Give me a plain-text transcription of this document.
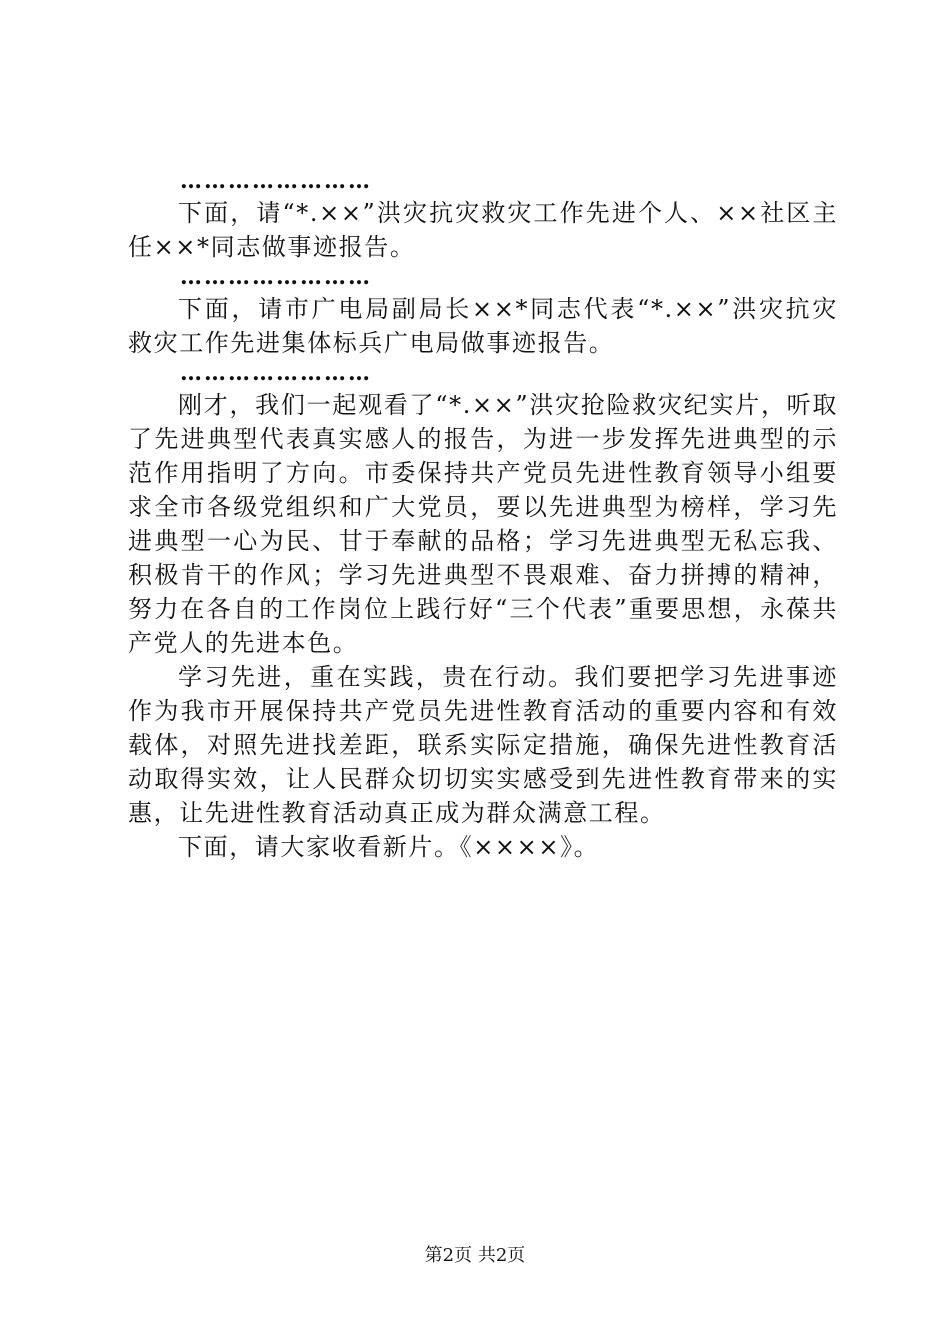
……………………

下面，请“*.××”洪灾抗灾救灾工作先进个人、××社区主任××*同志做事迹报告。

……………………

下面，请市广电局副局长××*同志代表“*.××”洪灾抗灾救灾工作先进集体标兵广电局做事迹报告。

……………………

刚才，我们一起观看了“*.××”洪灾抢险救灾纪实片，听取了先进典型代表真实感人的报告，为进一步发挥先进典型的示范作用指明了方向。市委保持共产党员先进性教育领导小组要求全市各级党组织和广大党员，要以先进典型为榜样，学习先进典型一心为民、甘于奉献的品格；学习先进典型无私忘我、积极肯干的作风；学习先进典型不畏艰难、奋力拼搏的精神，努力在各自的工作岗位上践行好“三个代表”重要思想，永葆共产党人的先进本色。

学习先进，重在实践，贵在行动。我们要把学习先进事迹作为我市开展保持共产党员先进性教育活动的重要内容和有效载体，对照先进找差距，联系实际定措施，确保先进性教育活动取得实效，让人民群众切切实实感受到先进性教育带来的实惠，让先进性教育活动真正成为群众满意工程。

下面，请大家收看新片。《××××》。

第2页 共2页
